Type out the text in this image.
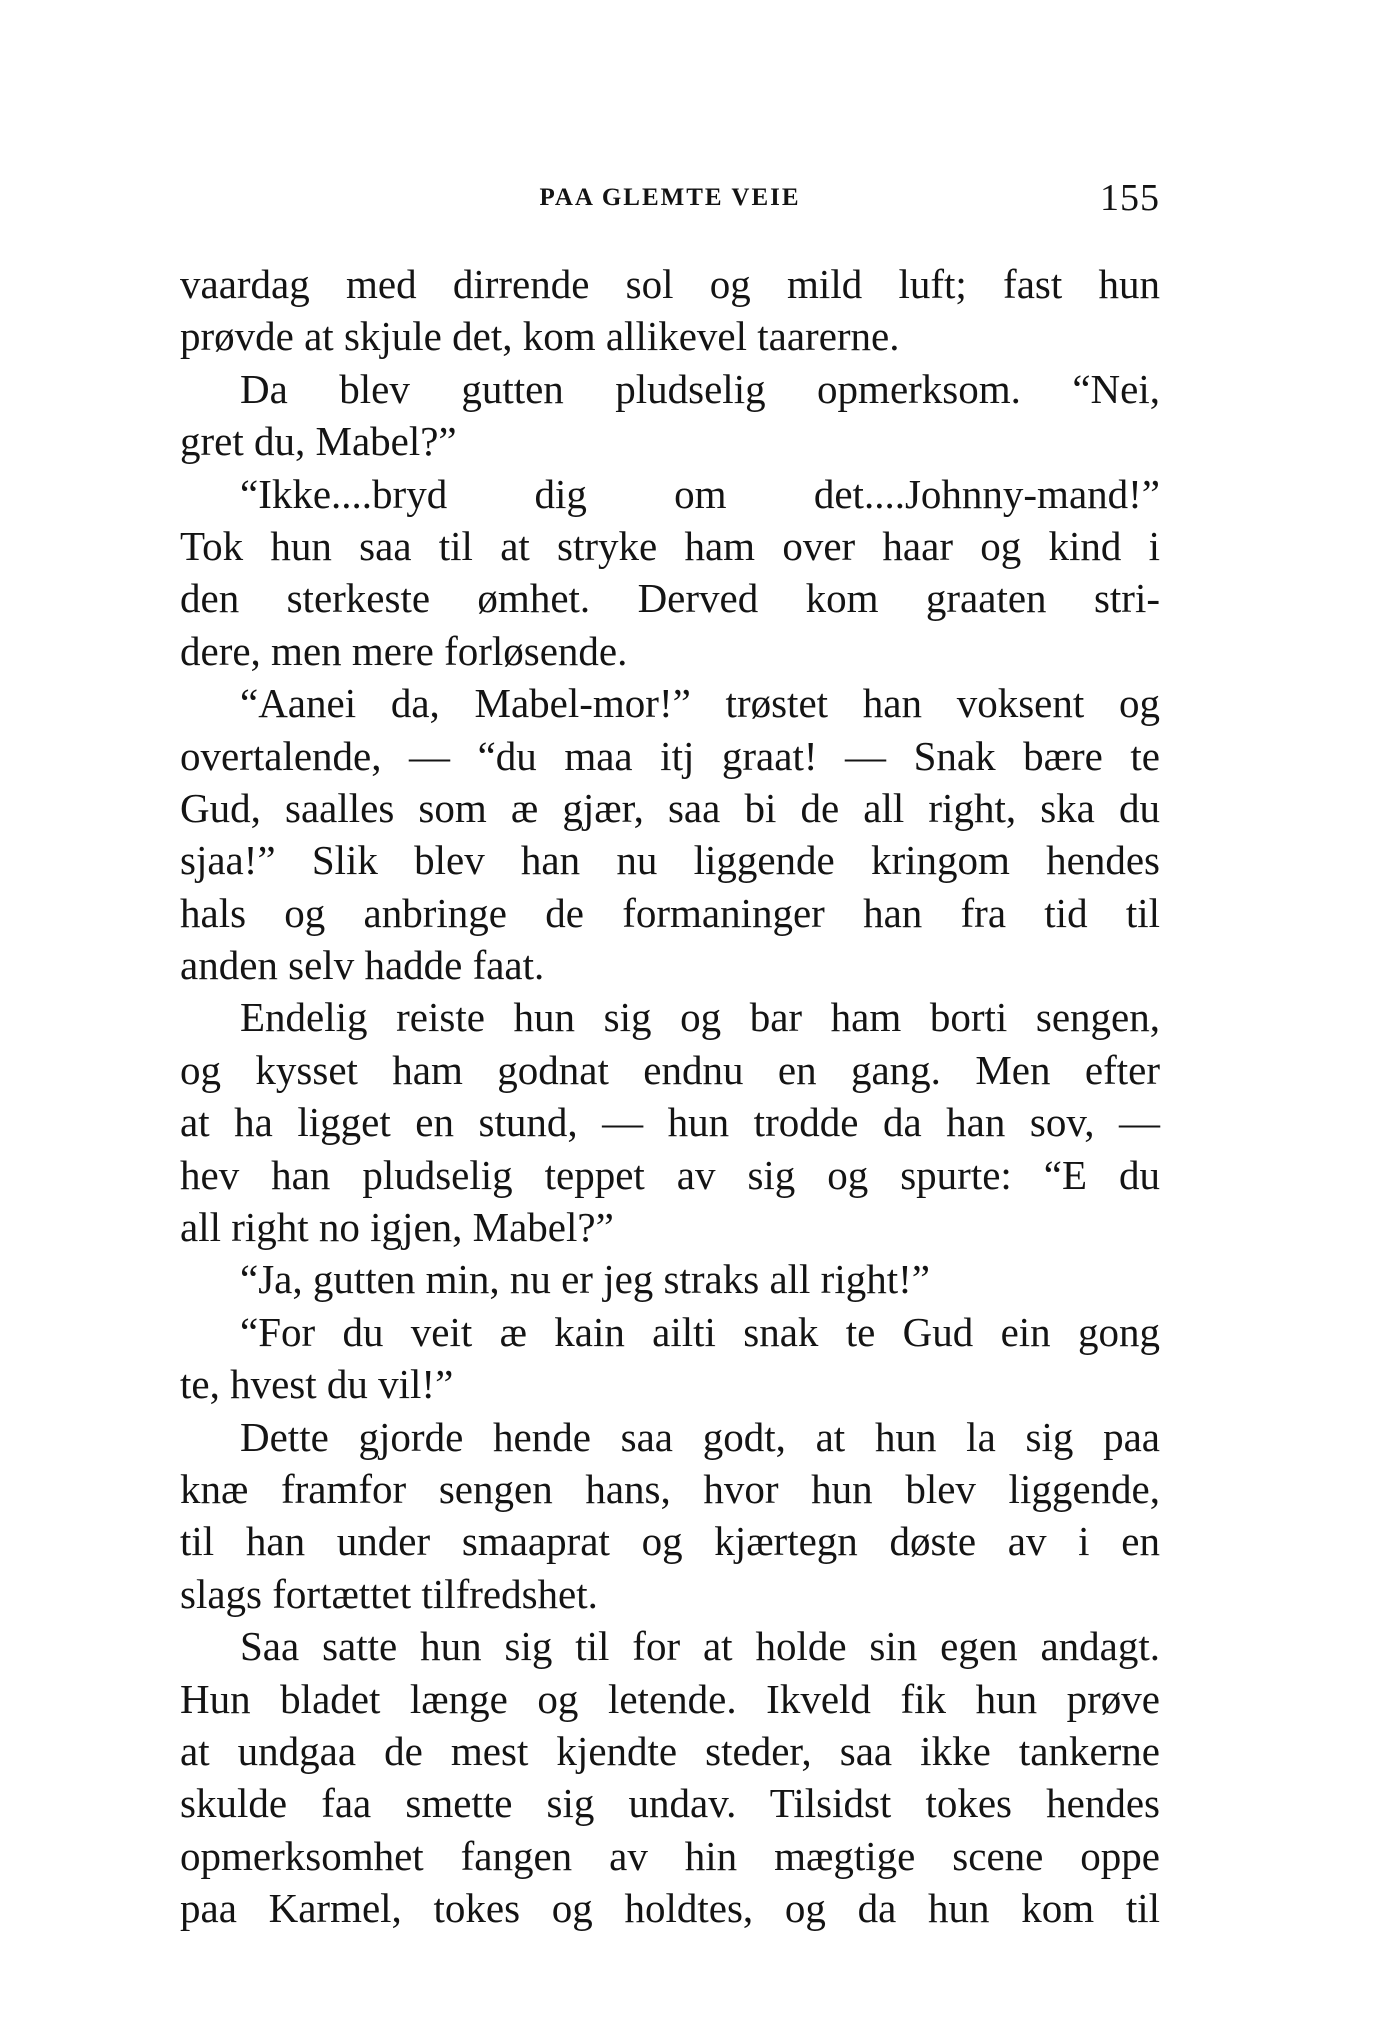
PAA GLEMTE VEIE	155
vaardag med dirrende sol og mild luft; fast hun
prøvde at skjule det, kom allikevel taarerne.
Da blev gutten pludselig opmerksom. “Nei,
gret du, Mabel?”
“Ikke....bryd dig om det....Johnny-mand!”
Tok hun saa til at stryke ham over haar og kind i
den sterkeste ømhet. Derved kom graaten stri-
dere, men mere forløsende.
“Aanei da, Mabel-mor!” trøstet han voksent og
overtalende, — “du maa itj graat! — Snak bære te
Gud, saalles som æ gjær, saa bi de all right, ska du
sjaa!” Slik blev han nu liggende kringom hendes
hals og anbringe de formaninger han fra tid til
anden selv hadde faat.
Endelig reiste hun sig og bar ham borti sengen,
og kysset ham godnat endnu en gang. Men efter
at ha ligget en stund, — hun trodde da han sov, —
hev han pludselig teppet av sig og spurte: “E du
all right no igjen, Mabel?”
“Ja, gutten min, nu er jeg straks all right!”
“For du veit æ kain ailti snak te Gud ein gong
te, hvest du vil!”
Dette gjorde hende saa godt, at hun la sig paa
knæ framfor sengen hans, hvor hun blev liggende,
til han under smaaprat og kjærtegn døste av i en
slags fortættet tilfredshet.
Saa satte hun sig til for at holde sin egen andagt.
Hun bladet længe og letende. Ikveld fik hun prøve
at undgaa de mest kjendte steder, saa ikke tankerne
skulde faa smette sig undav. Tilsidst tokes hendes
opmerksomhet fangen av hin mægtige scene oppe
paa Karmel, tokes og holdtes, og da hun kom til
